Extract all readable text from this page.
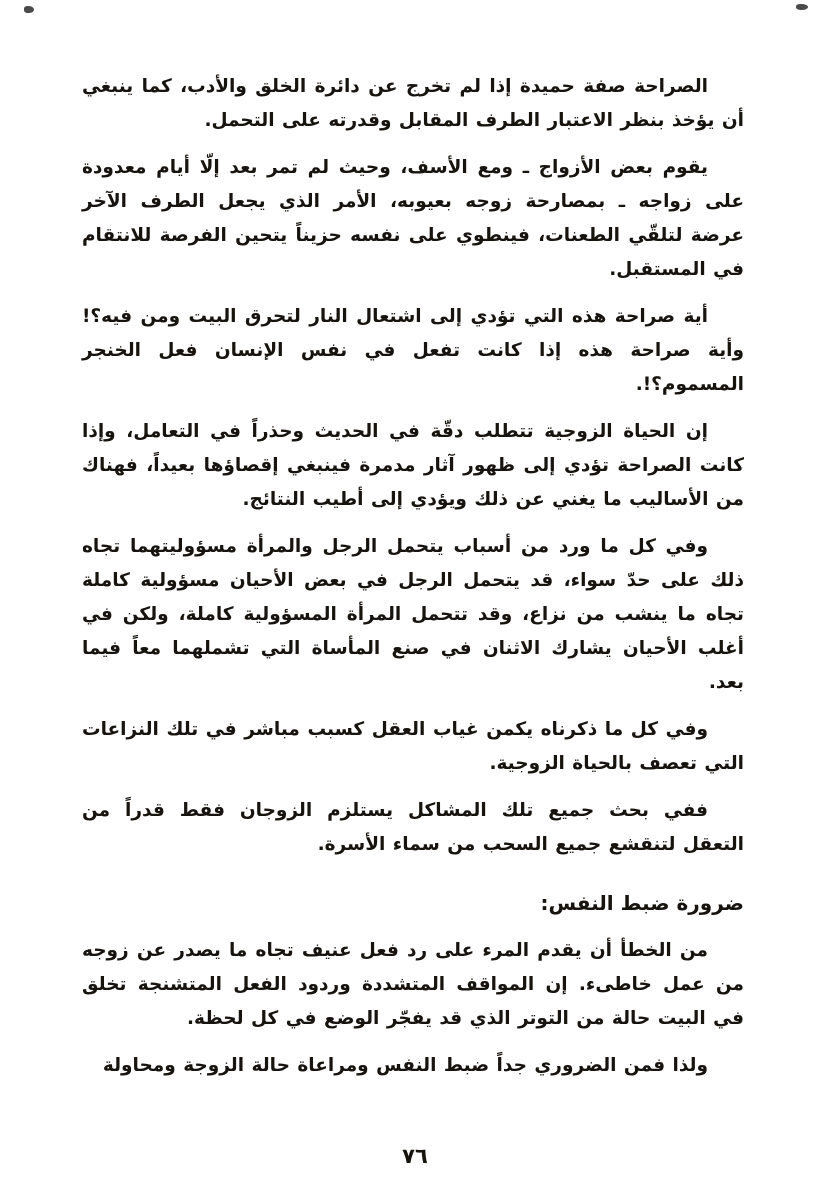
الصراحة صفة حميدة إذا لم تخرج عن دائرة الخلق والأدب، كما ينبغي أن يؤخذ بنظر الاعتبار الطرف المقابل وقدرته على التحمل.

يقوم بعض الأزواج ـ ومع الأسف، وحيث لم تمر بعد إلّا أيام معدودة على زواجه ـ بمصارحة زوجه بعيوبه، الأمر الذي يجعل الطرف الآخر عرضة لتلقّي الطعنات، فينطوي على نفسه حزيناً يتحين الفرصة للانتقام في المستقبل.

أية صراحة هذه التي تؤدي إلى اشتعال النار لتحرق البيت ومن فيه؟! وأية صراحة هذه إذا كانت تفعل في نفس الإنسان فعل الخنجر المسموم؟!.

إن الحياة الزوجية تتطلب دقّة في الحديث وحذراً في التعامل، وإذا كانت الصراحة تؤدي إلى ظهور آثار مدمرة فينبغي إقصاؤها بعيداً، فهناك من الأساليب ما يغني عن ذلك ويؤدي إلى أطيب النتائج.

وفي كل ما ورد من أسباب يتحمل الرجل والمرأة مسؤوليتهما تجاه ذلك على حدّ سواء، قد يتحمل الرجل في بعض الأحيان مسؤولية كاملة تجاه ما ينشب من نزاع، وقد تتحمل المرأة المسؤولية كاملة، ولكن في أغلب الأحيان يشارك الاثنان في صنع المأساة التي تشملهما معاً فيما بعد.

وفي كل ما ذكرناه يكمن غياب العقل كسبب مباشر في تلك النزاعات التي تعصف بالحياة الزوجية.

ففي بحث جميع تلك المشاكل يستلزم الزوجان فقط قدراً من التعقل لتنقشع جميع السحب من سماء الأسرة.

ضرورة ضبط النفس:

من الخطأ أن يقدم المرء على رد فعل عنيف تجاه ما يصدر عن زوجه من عمل خاطىء. إن المواقف المتشددة وردود الفعل المتشنجة تخلق في البيت حالة من التوتر الذي قد يفجّر الوضع في كل لحظة.

ولذا فمن الضروري جداً ضبط النفس ومراعاة حالة الزوجة ومحاولة

٧٦
